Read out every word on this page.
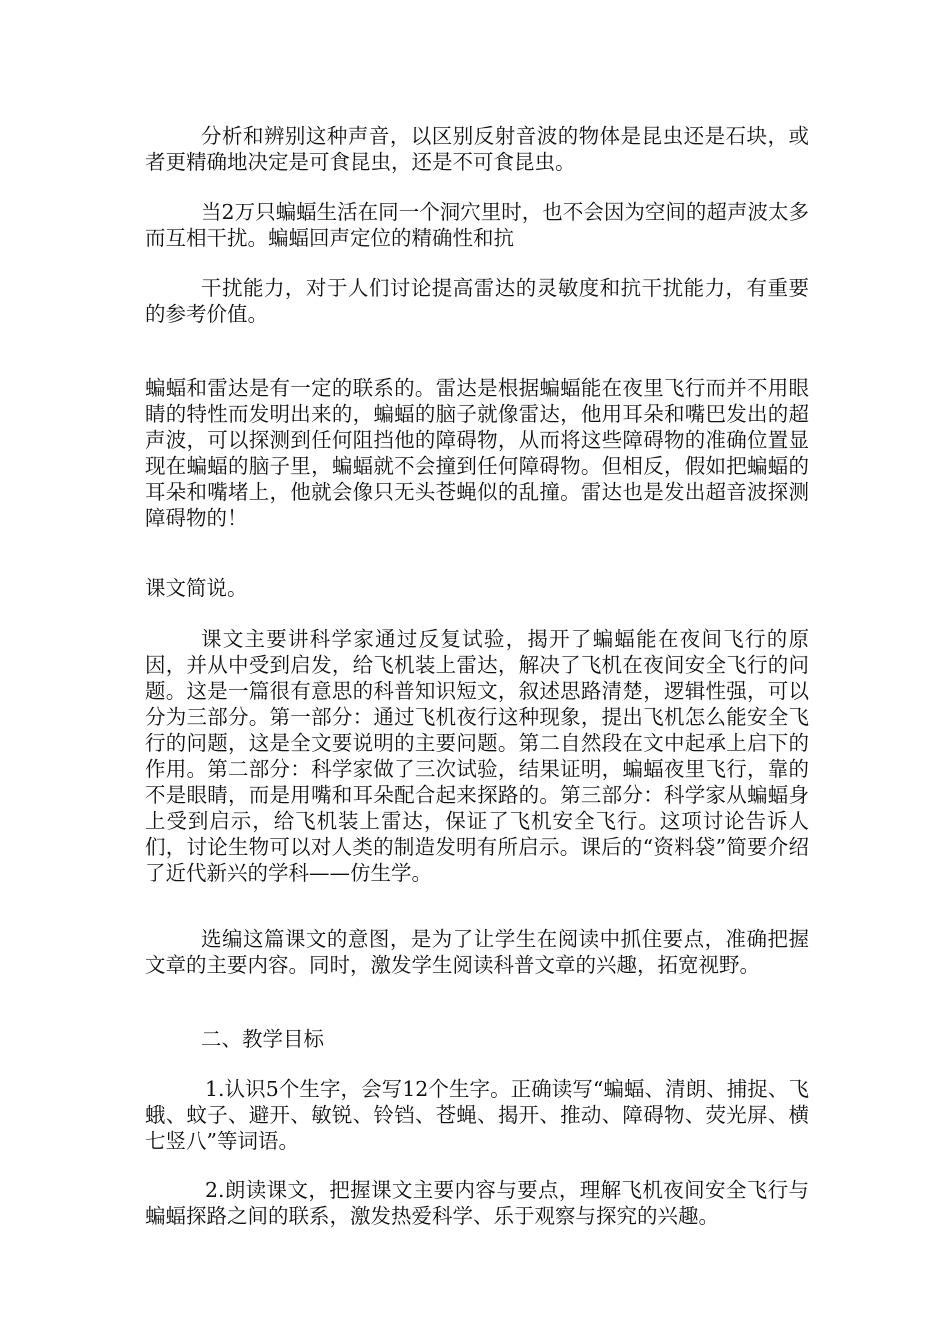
分析和辨别这种声音，以区别反射音波的物体是昆虫还是石块，或者更精确地决定是可食昆虫，还是不可食昆虫。

当2万只蝙蝠生活在同一个洞穴里时，也不会因为空间的超声波太多而互相干扰。蝙蝠回声定位的精确性和抗

干扰能力，对于人们讨论提高雷达的灵敏度和抗干扰能力，有重要的参考价值。

蝙蝠和雷达是有一定的联系的。雷达是根据蝙蝠能在夜里飞行而并不用眼睛的特性而发明出来的，蝙蝠的脑子就像雷达，他用耳朵和嘴巴发出的超声波，可以探测到任何阻挡他的障碍物，从而将这些障碍物的准确位置显现在蝙蝠的脑子里，蝙蝠就不会撞到任何障碍物。但相反，假如把蝙蝠的耳朵和嘴堵上，他就会像只无头苍蝇似的乱撞。雷达也是发出超音波探测障碍物的！

课文简说。

课文主要讲科学家通过反复试验，揭开了蝙蝠能在夜间飞行的原因，并从中受到启发，给飞机装上雷达，解决了飞机在夜间安全飞行的问题。这是一篇很有意思的科普知识短文，叙述思路清楚，逻辑性强，可以分为三部分。第一部分：通过飞机夜行这种现象，提出飞机怎么能安全飞行的问题，这是全文要说明的主要问题。第二自然段在文中起承上启下的作用。第二部分：科学家做了三次试验，结果证明，蝙蝠夜里飞行，靠的不是眼睛，而是用嘴和耳朵配合起来探路的。第三部分：科学家从蝙蝠身上受到启示，给飞机装上雷达，保证了飞机安全飞行。这项讨论告诉人们，讨论生物可以对人类的制造发明有所启示。课后的“资料袋”简要介绍了近代新兴的学科——仿生学。

选编这篇课文的意图，是为了让学生在阅读中抓住要点，准确把握文章的主要内容。同时，激发学生阅读科普文章的兴趣，拓宽视野。

二、教学目标

1.认识5个生字，会写12个生字。正确读写“蝙蝠、清朗、捕捉、飞蛾、蚊子、避开、敏锐、铃铛、苍蝇、揭开、推动、障碍物、荧光屏、横七竖八”等词语。

2.朗读课文，把握课文主要内容与要点，理解飞机夜间安全飞行与蝙蝠探路之间的联系，激发热爱科学、乐于观察与探究的兴趣。
